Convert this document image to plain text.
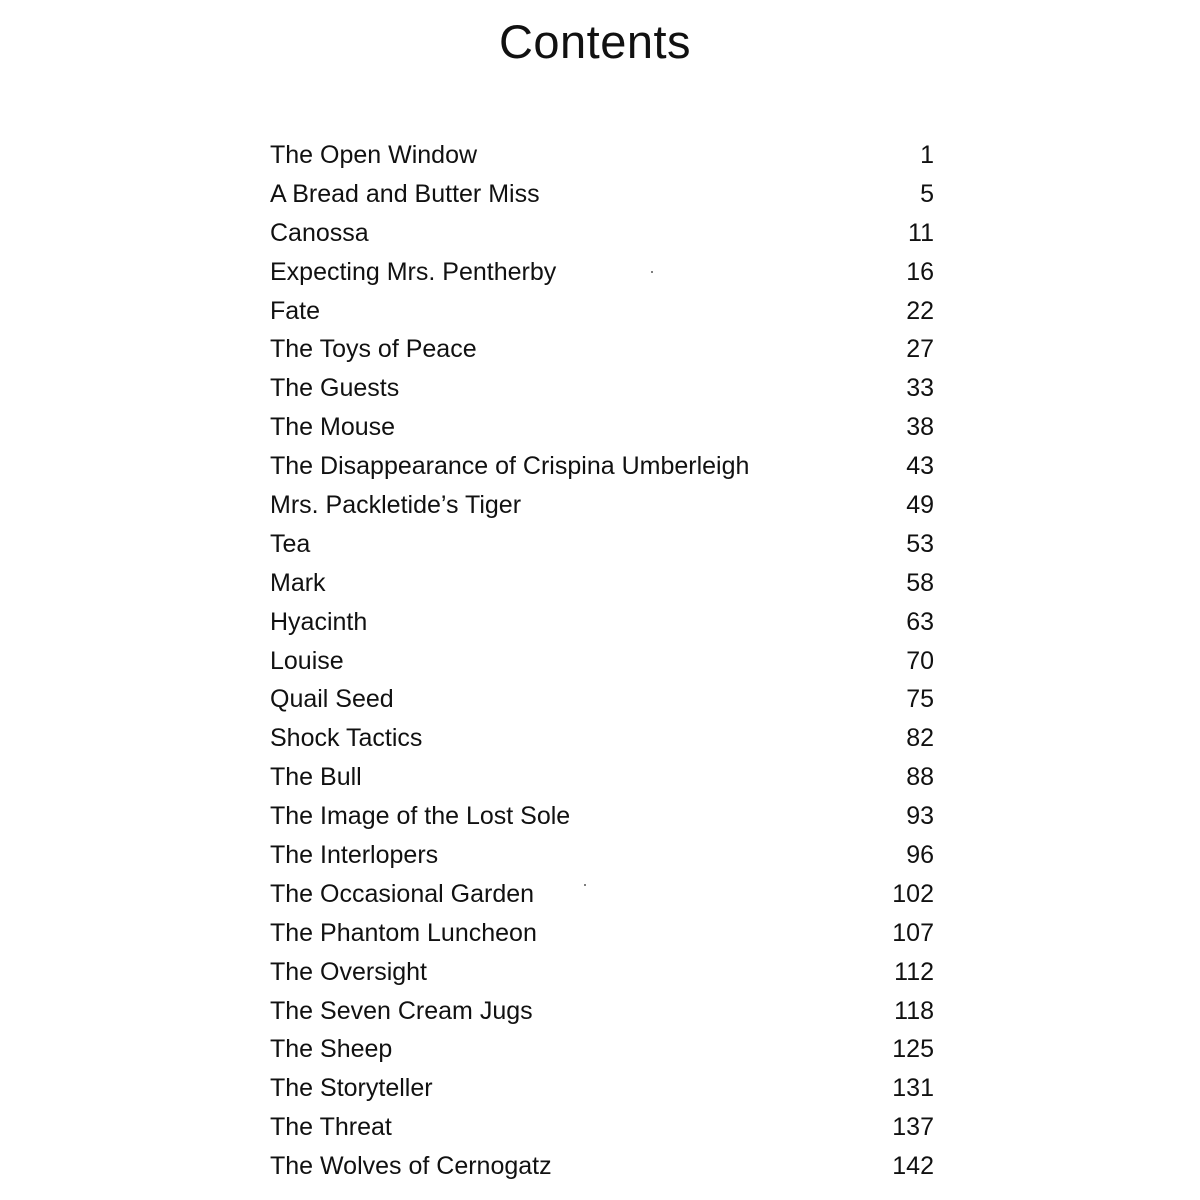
Contents
The Open Window	1
A Bread and Butter Miss	5
Canossa	11
Expecting Mrs. Pentherby	16
Fate	22
The Toys of Peace	27
The Guests	33
The Mouse	38
The Disappearance of Crispina Umberleigh	43
Mrs. Packletide’s Tiger	49
Tea	53
Mark	58
Hyacinth	63
Louise	70
Quail Seed	75
Shock Tactics	82
The Bull	88
The Image of the Lost Sole	93
The Interlopers	96
The Occasional Garden	102
The Phantom Luncheon	107
The Oversight	112
The Seven Cream Jugs	118
The Sheep	125
The Storyteller	131
The Threat	137
The Wolves of Cernogatz	142
